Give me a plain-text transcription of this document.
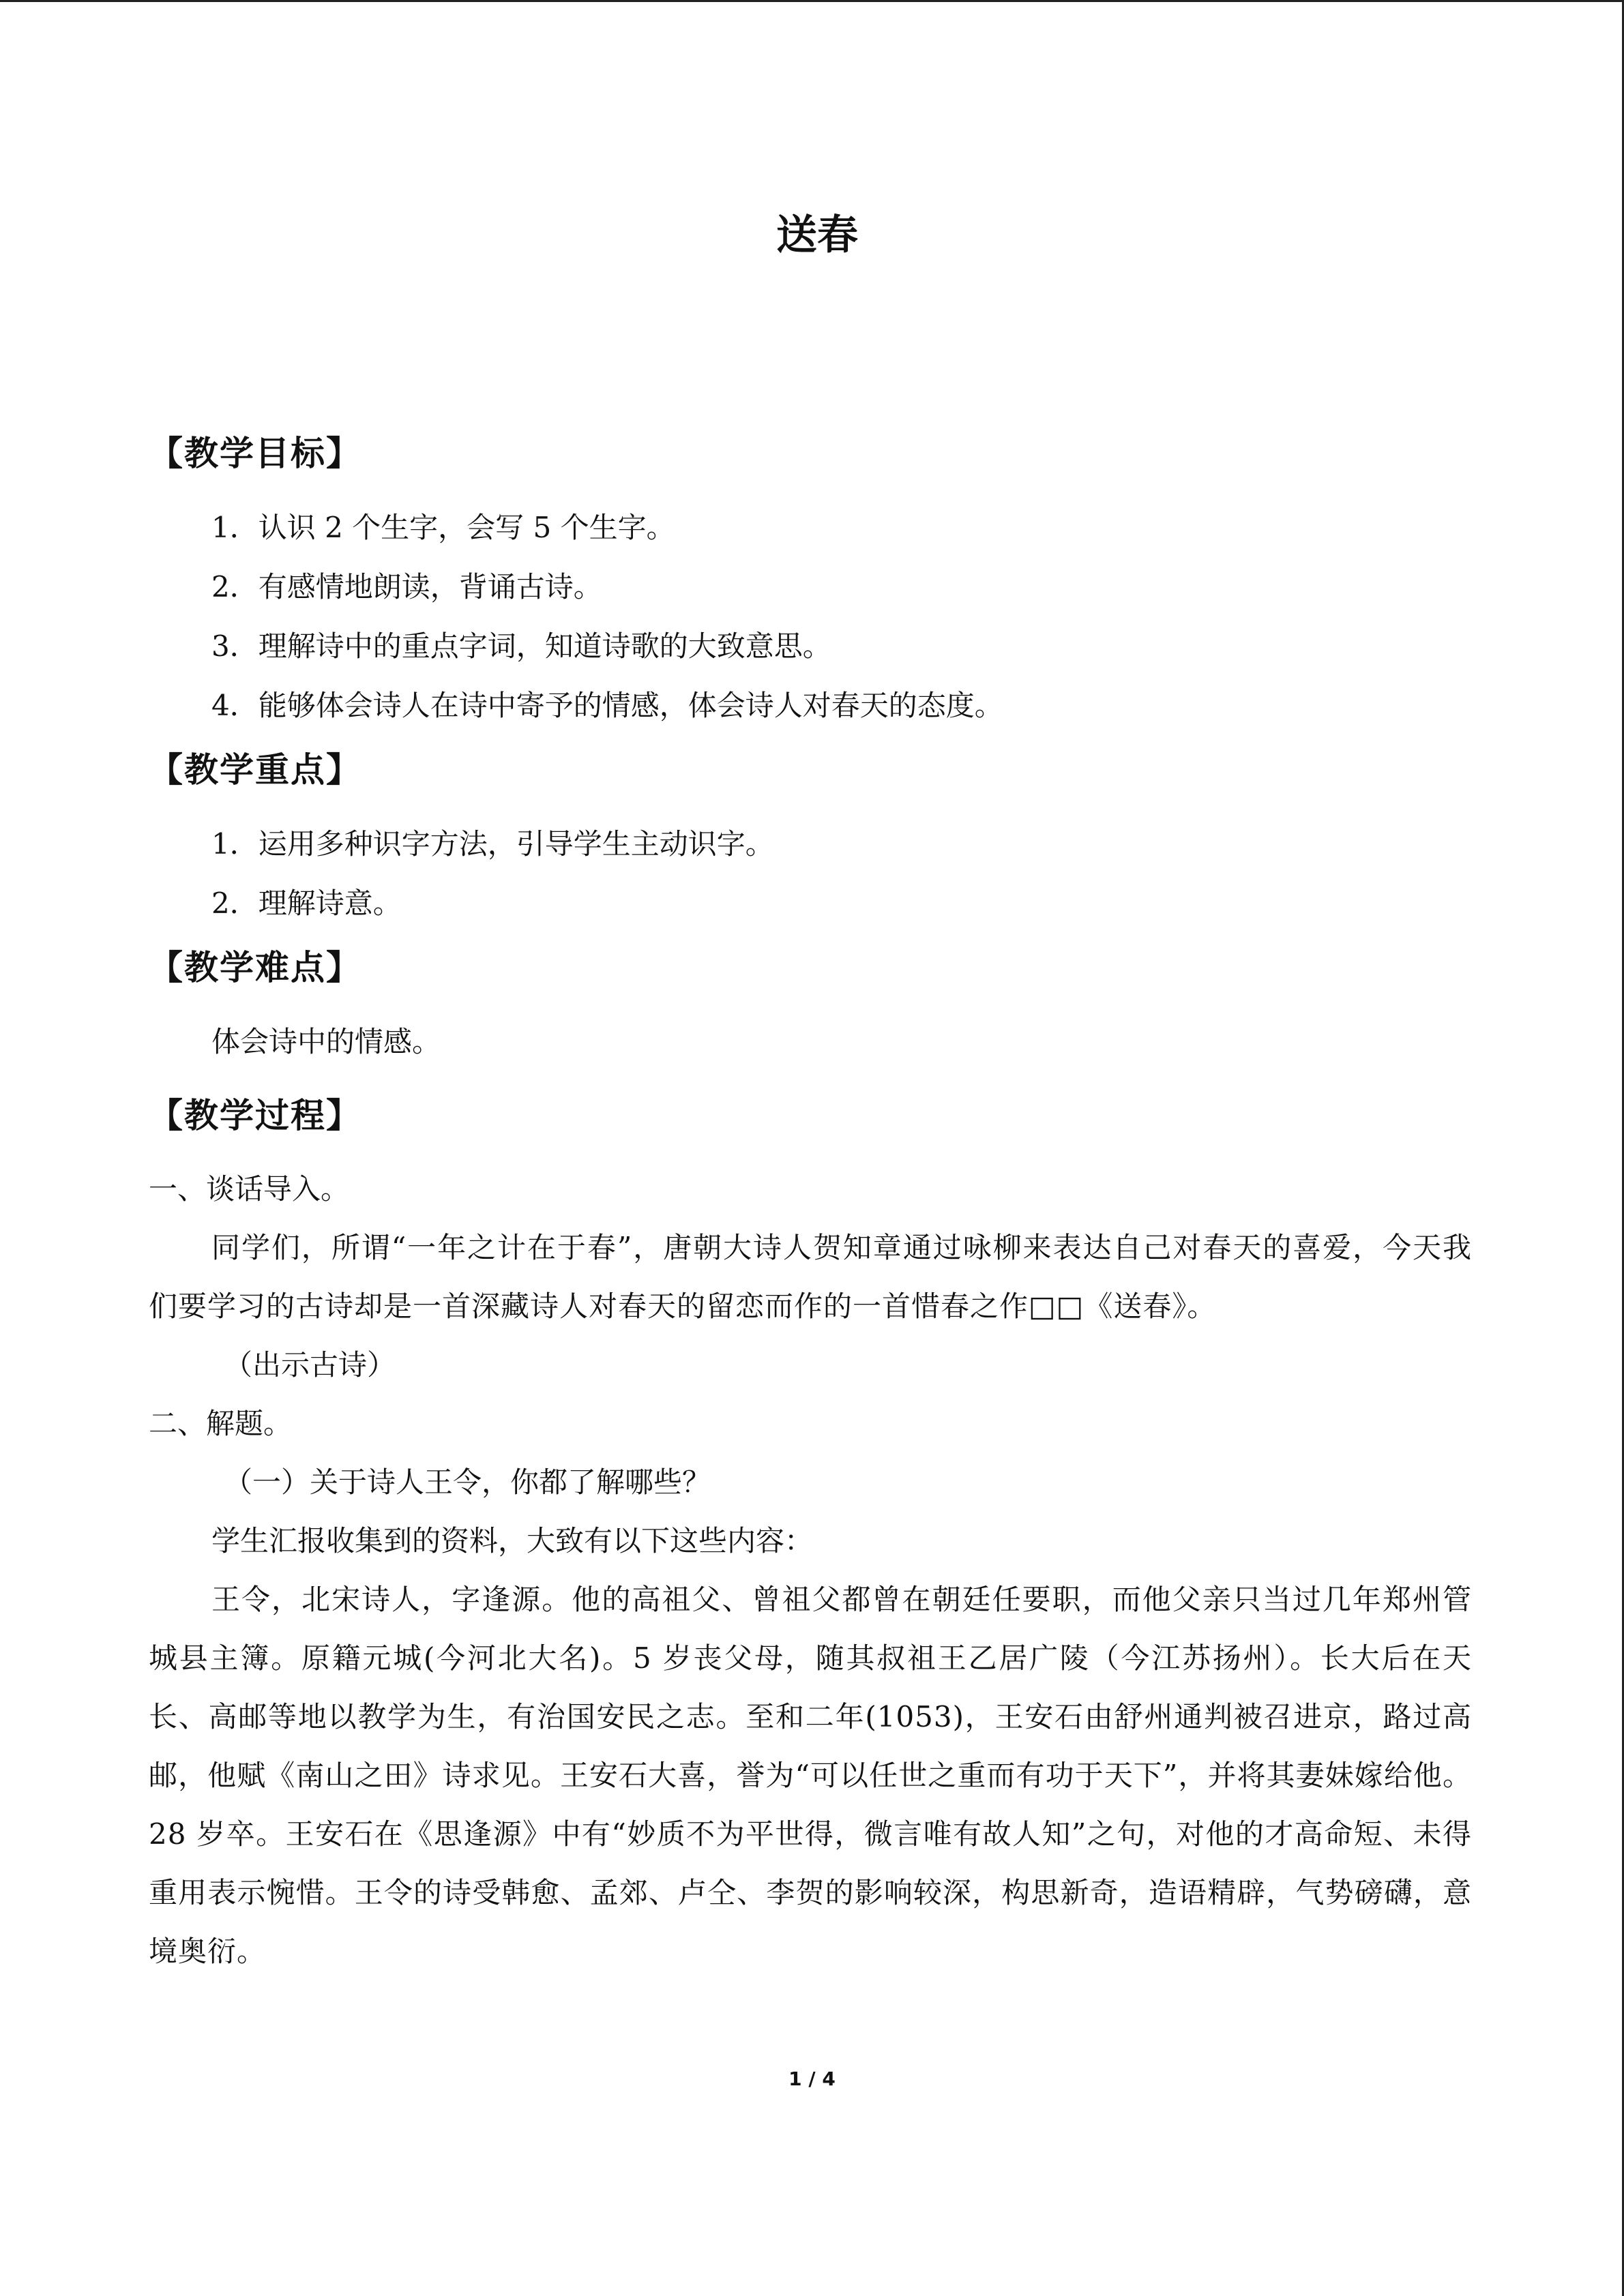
送春
【教学目标】

1．认识 2 个生字，会写 5 个生字。

2．有感情地朗读，背诵古诗。

3．理解诗中的重点字词，知道诗歌的大致意思。

4．能够体会诗人在诗中寄予的情感，体会诗人对春天的态度。

【教学重点】

1．运用多种识字方法，引导学生主动识字。

2．理解诗意。

【教学难点】

体会诗中的情感。

【教学过程】

一、谈话导入。

同学们，所谓“一年之计在于春”，唐朝大诗人贺知章通过咏柳来表达自己对春天的喜爱，今天我们要学习的古诗却是一首深藏诗人对春天的留恋而作的一首惜春之作□□《送春》。

（出示古诗）

二、解题。

（一）关于诗人王令，你都了解哪些？

学生汇报收集到的资料，大致有以下这些内容：

王令，北宋诗人，字逢源。他的高祖父、曾祖父都曾在朝廷任要职，而他父亲只当过几年郑州管城县主簿。原籍元城(今河北大名)。5 岁丧父母，随其叔祖王乙居广陵（今江苏扬州）。长大后在天长、高邮等地以教学为生，有治国安民之志。至和二年(1053)，王安石由舒州通判被召进京，路过高邮，他赋《南山之田》诗求见。王安石大喜，誉为“可以任世之重而有功于天下”，并将其妻妹嫁给他。28 岁卒。王安石在《思逢源》中有“妙质不为平世得，微言唯有故人知”之句，对他的才高命短、未得重用表示惋惜。王令的诗受韩愈、孟郊、卢仝、李贺的影响较深，构思新奇，造语精辟，气势磅礴，意境奥衍。

1 / 4
